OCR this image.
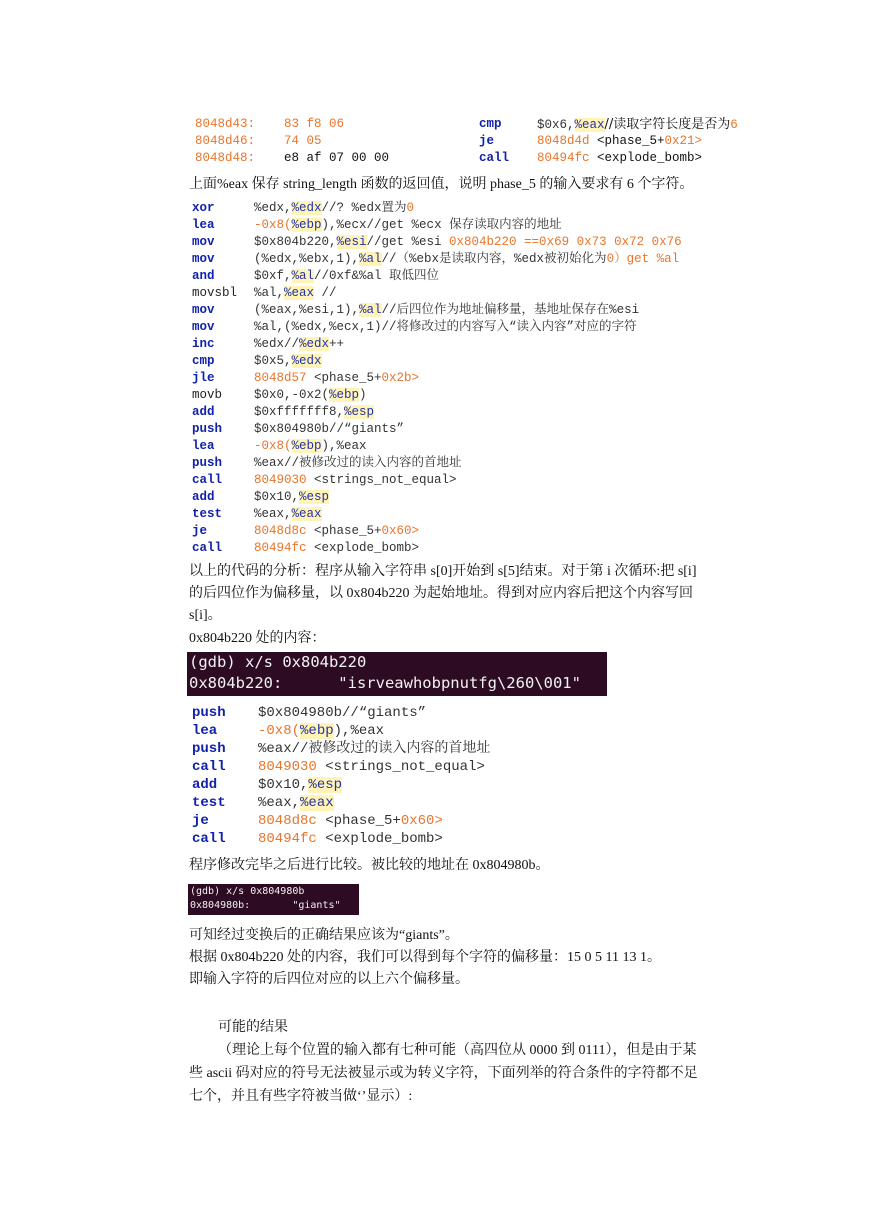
8048d43: 83 f8 06	cmp	$0x6,%eax//读取字符长度是否为6
8048d46: 74 05	je	8048d4d <phase_5+0x21>
8048d48: e8 af 07 00 00	call 80494fc <explode_bomb>
上面%eax 保存 string_length 函数的返回值，说明 phase_5 的输入要求有 6 个字符。
xor	%edx,%edx//? %edx置为0
lea	-0x8(%ebp),%ecx//get %ecx 保存读取内容的地址
mov	$0x804b220,%esi//get %esi 0x804b220 ==0x69 0x73 0x72 0x76
mov	(%edx,%ebx,1),%al//（%ebx是读取内容，%edx被初始化为0）get %al
and	$0xf,%al//0xf&%al 取低四位
movsbl %al,%eax //
mov	(%eax,%esi,1),%al//后四位作为地址偏移量，基地址保存在%esi
mov	%al,(%edx,%ecx,1)//将修改过的内容写入“读入内容”对应的字符
inc	%edx//%edx++
cmp	$0x5,%edx
jle	8048d57 <phase_5+0x2b>
movb	$0x0,-0x2(%ebp)
add	$0xfffffff8,%esp
push	$0x804980b//“giants”
lea	-0x8(%ebp),%eax
push	%eax//被修改过的读入内容的首地址
call	8049030 <strings_not_equal>
add	$0x10,%esp
test	%eax,%eax
je	8048d8c <phase_5+0x60>
call	80494fc <explode_bomb>
以上的代码的分析：程序从输入字符串 s[0]开始到 s[5]结束。对于第 i 次循环:把 s[i]
的后四位作为偏移量，以 0x804b220 为起始地址。得到对应内容后把这个内容写回
s[i]。
0x804b220 处的内容：
(gdb) x/s 0x804b220
0x804b220:      "isrveawhobpnutfg\260\001"
push $0x804980b//“giants”
lea	-0x8(%ebp),%eax
push %eax//被修改过的读入内容的首地址
call 8049030 <strings_not_equal>
add	$0x10,%esp
test %eax,%eax
je	8048d8c <phase_5+0x60>
call 80494fc <explode_bomb>
程序修改完毕之后进行比较。被比较的地址在 0x804980b。
(gdb) x/s 0x804980b
0x804980b:       "giants"
可知经过变换后的正确结果应该为“giants”。
根据 0x804b220 处的内容，我们可以得到每个字符的偏移量：15 0 5 11 13 1。
即输入字符的后四位对应的以上六个偏移量。
可能的结果
（理论上每个位置的输入都有七种可能（高四位从 0000 到 0111），但是由于某
些 ascii 码对应的符号无法被显示或为转义字符，下面列举的符合条件的字符都不足
七个，并且有些字符被当做‘’显示）:
